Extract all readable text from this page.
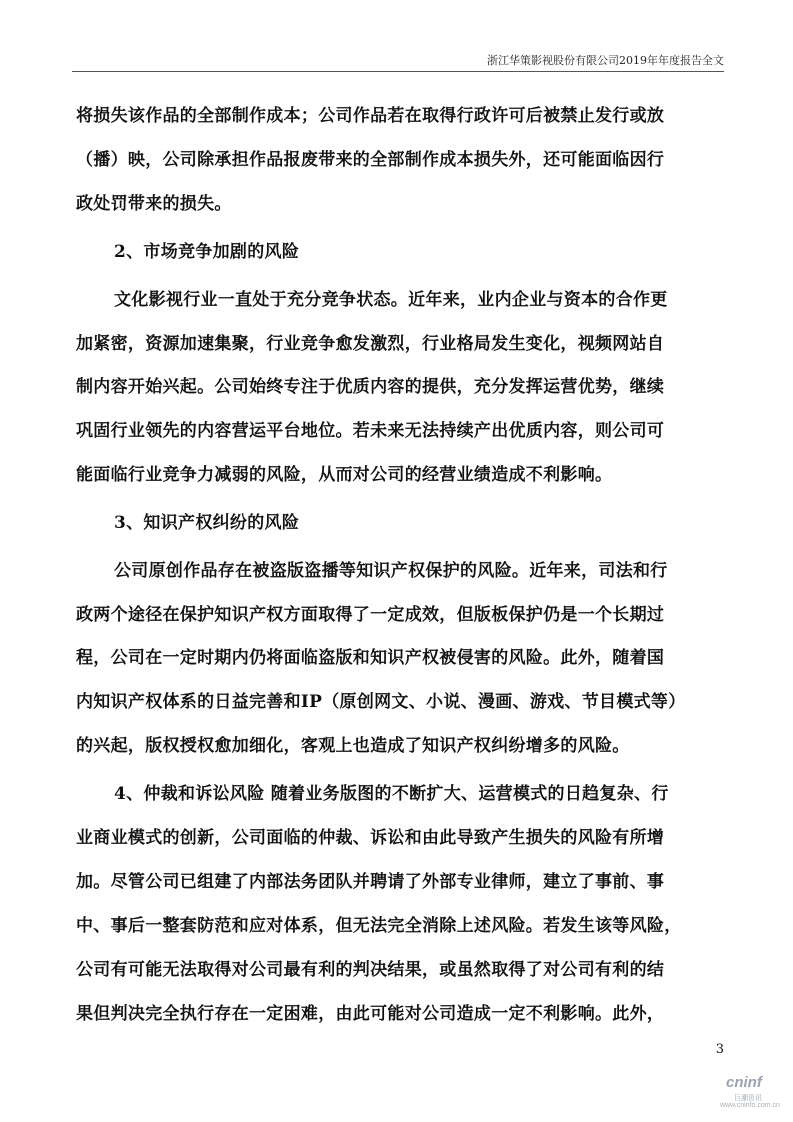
浙江华策影视股份有限公司2019年年度报告全文
将损失该作品的全部制作成本；公司作品若在取得行政许可后被禁止发行或放
（播）映，公司除承担作品报废带来的全部制作成本损失外，还可能面临因行
政处罚带来的损失。
2、市场竞争加剧的风险
文化影视行业一直处于充分竞争状态。近年来，业内企业与资本的合作更
加紧密，资源加速集聚，行业竞争愈发激烈，行业格局发生变化，视频网站自
制内容开始兴起。公司始终专注于优质内容的提供，充分发挥运营优势，继续
巩固行业领先的内容营运平台地位。若未来无法持续产出优质内容，则公司可
能面临行业竞争力减弱的风险，从而对公司的经营业绩造成不利影响。
3、知识产权纠纷的风险
公司原创作品存在被盗版盗播等知识产权保护的风险。近年来，司法和行
政两个途径在保护知识产权方面取得了一定成效，但版板保护仍是一个长期过
程，公司在一定时期内仍将面临盗版和知识产权被侵害的风险。此外，随着国
内知识产权体系的日益完善和IP（原创网文、小说、漫画、游戏、节目模式等）
的兴起，版权授权愈加细化，客观上也造成了知识产权纠纷增多的风险。
4、仲裁和诉讼风险 随着业务版图的不断扩大、运营模式的日趋复杂、行
业商业模式的创新，公司面临的仲裁、诉讼和由此导致产生损失的风险有所增
加。尽管公司已组建了内部法务团队并聘请了外部专业律师，建立了事前、事
中、事后一整套防范和应对体系，但无法完全消除上述风险。若发生该等风险，
公司有可能无法取得对公司最有利的判决结果，或虽然取得了对公司有利的结
果但判决完全执行存在一定困难，由此可能对公司造成一定不利影响。此外，
3
cninf
巨潮资讯
www.cninfo.com.cn
